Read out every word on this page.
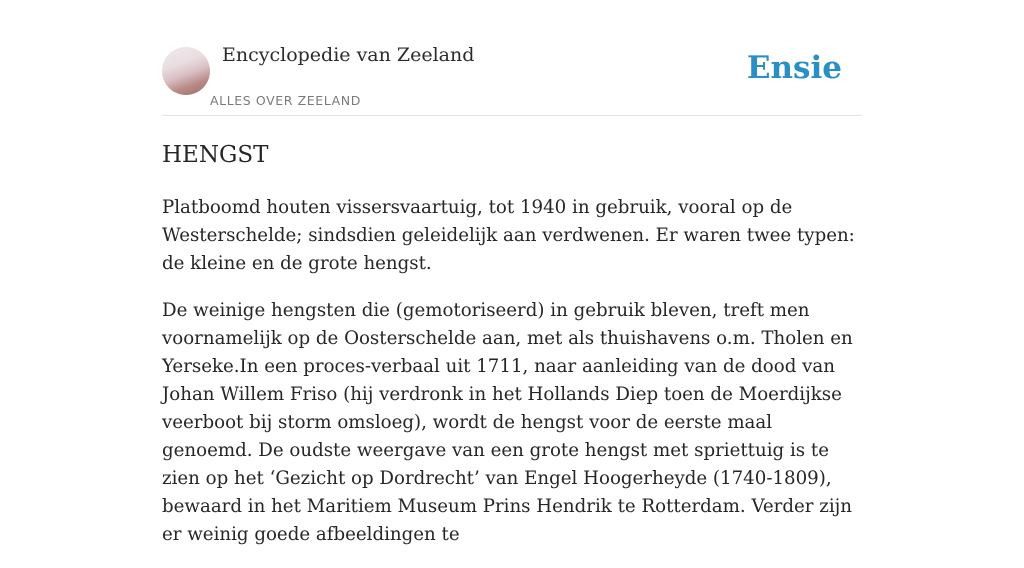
Encyclopedie van Zeeland
ALLES OVER ZEELAND
Ensie
HENGST

Platboomd houten vissersvaartuig, tot 1940 in gebruik, vooral op de Westerschelde; sindsdien geleidelijk aan verdwenen. Er waren twee typen: de kleine en de grote hengst.

De weinige hengsten die (gemotoriseerd) in gebruik bleven, treft men voornamelijk op de Oosterschelde aan, met als thuishavens o.m. Tholen en Yerseke.In een proces-verbaal uit 1711, naar aanleiding van de dood van Johan Willem Friso (hij verdronk in het Hollands Diep toen de Moerdijkse veerboot bij storm omsloeg), wordt de hengst voor de eerste maal genoemd. De oudste weergave van een grote hengst met spriettuig is te zien op het ‘Gezicht op Dordrecht’ van Engel Hoogerheyde (1740-1809), bewaard in het Maritiem Museum Prins Hendrik te Rotterdam. Verder zijn er weinig goede afbeeldingen te
